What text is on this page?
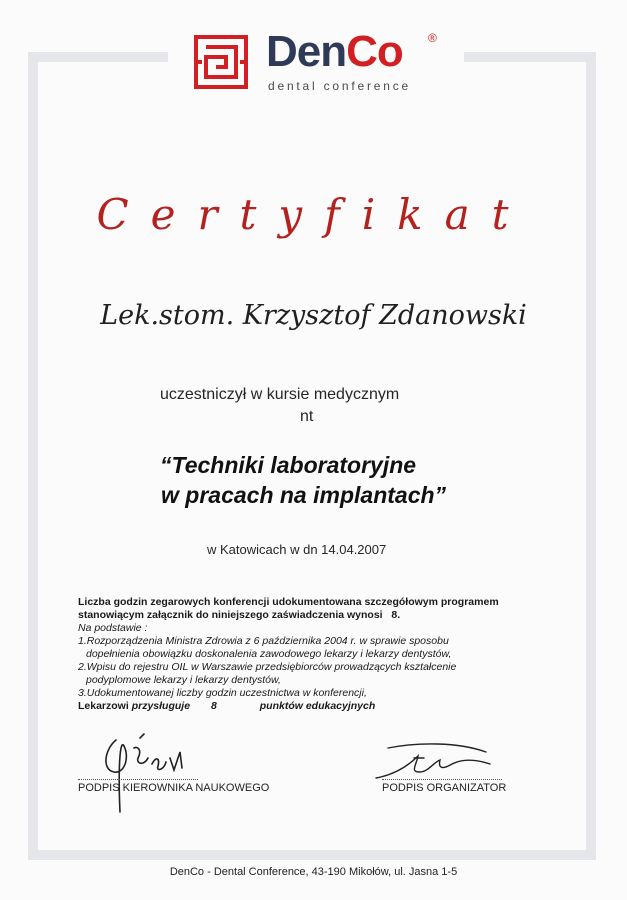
DenCo ®
dental conference
Certyfikat
Lek.stom. Krzysztof Zdanowski
uczestniczył w kursie medycznym
nt
“Techniki laboratoryjne
w pracach na implantach”
w Katowicach w dn 14.04.2007
Liczba godzin zegarowych konferencji udokumentowana szczegółowym programem
stanowiącym załącznik do niniejszego zaświadczenia wynosi 8.
Na podstawie :
1.Rozporządzenia Ministra Zdrowia z 6 października 2004 r. w sprawie sposobu
dopełnienia obowiązku doskonalenia zawodowego lekarzy i lekarzy dentystów,
2.Wpisu do rejestru OIL w Warszawie przedsiębiorców prowadzących kształcenie
podyplomowe lekarzy i lekarzy dentystów,
3.Udokumentowanej liczby godzin uczestnictwa w konferencji,
Lekarzowi przysługuje 8	punktów edukacyjnych
PODPIS KIEROWNIKA NAUKOWEGO	PODPIS ORGANIZATOR
DenCo - Dental Conference, 43-190 Mikołów, ul. Jasna 1-5
